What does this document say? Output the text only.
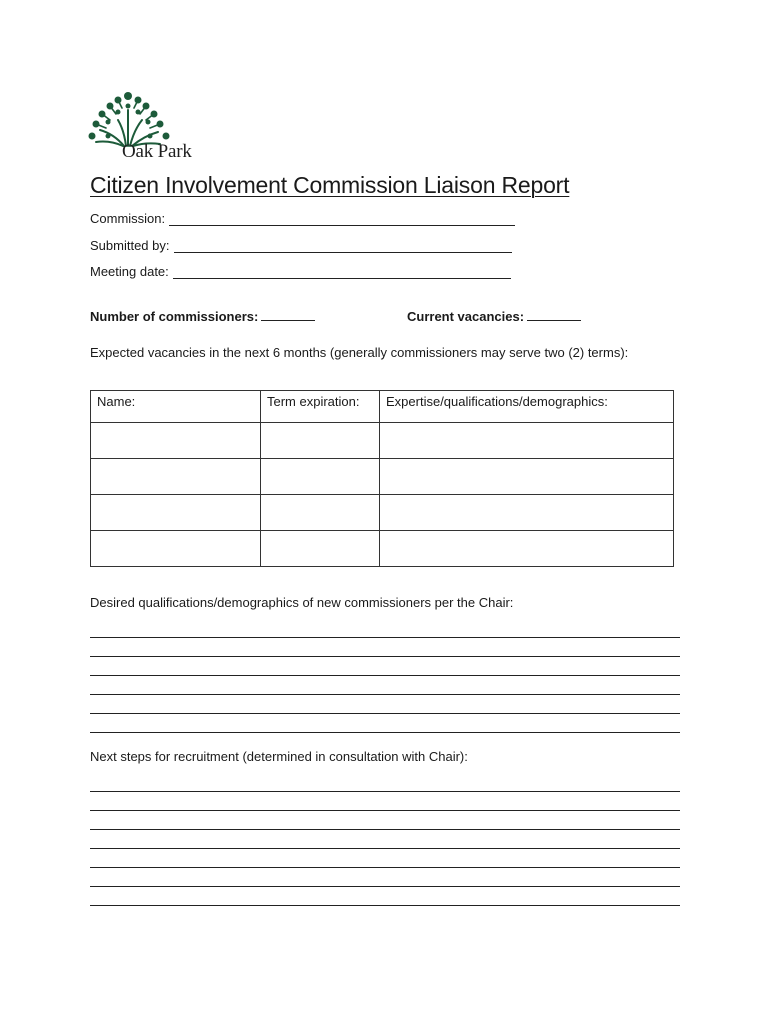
Oak Park
Citizen Involvement Commission Liaison Report
Commission:
Submitted by:
Meeting date:
Number of commissioners:	Current vacancies:
Expected vacancies in the next 6 months (generally commissioners may serve two (2) terms):
Name:	Term expiration:	Expertise/qualifications/demographics:

Desired qualifications/demographics of new commissioners per the Chair:
Next steps for recruitment (determined in consultation with Chair):
